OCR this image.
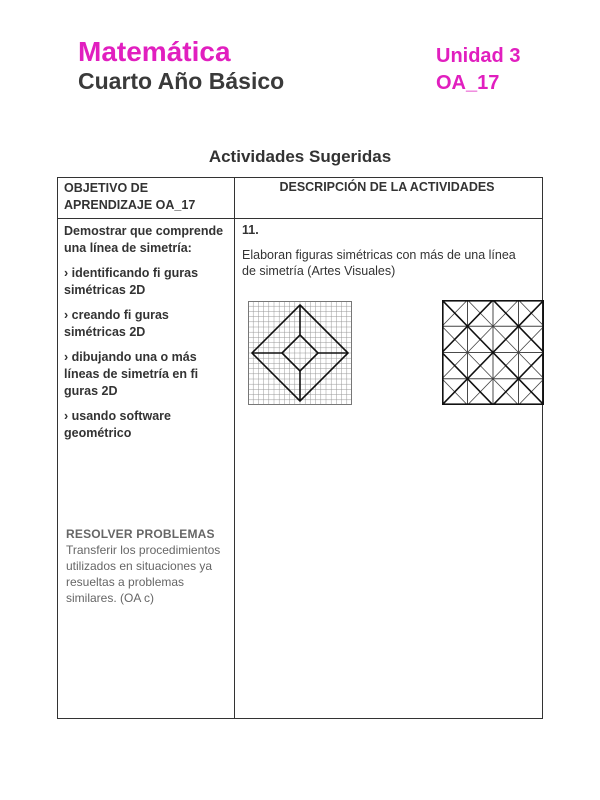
Matemática
Cuarto Año Básico
Unidad 3
OA_17
Actividades Sugeridas
OBJETIVO DE APRENDIZAJE OA_17
DESCRIPCIÓN DE LA ACTIVIDADES

Demostrar que comprende una línea de simetría:

› identificando fi guras simétricas 2D

› creando fi guras simétricas 2D

› dibujando una o más líneas de simetría en fi guras 2D

› usando software geométrico

RESOLVER PROBLEMAS
Transferir los procedimientos utilizados en situaciones ya resueltas a problemas similares. (OA c)
11.
Elaboran figuras simétricas con más de una línea de simetría (Artes Visuales)
